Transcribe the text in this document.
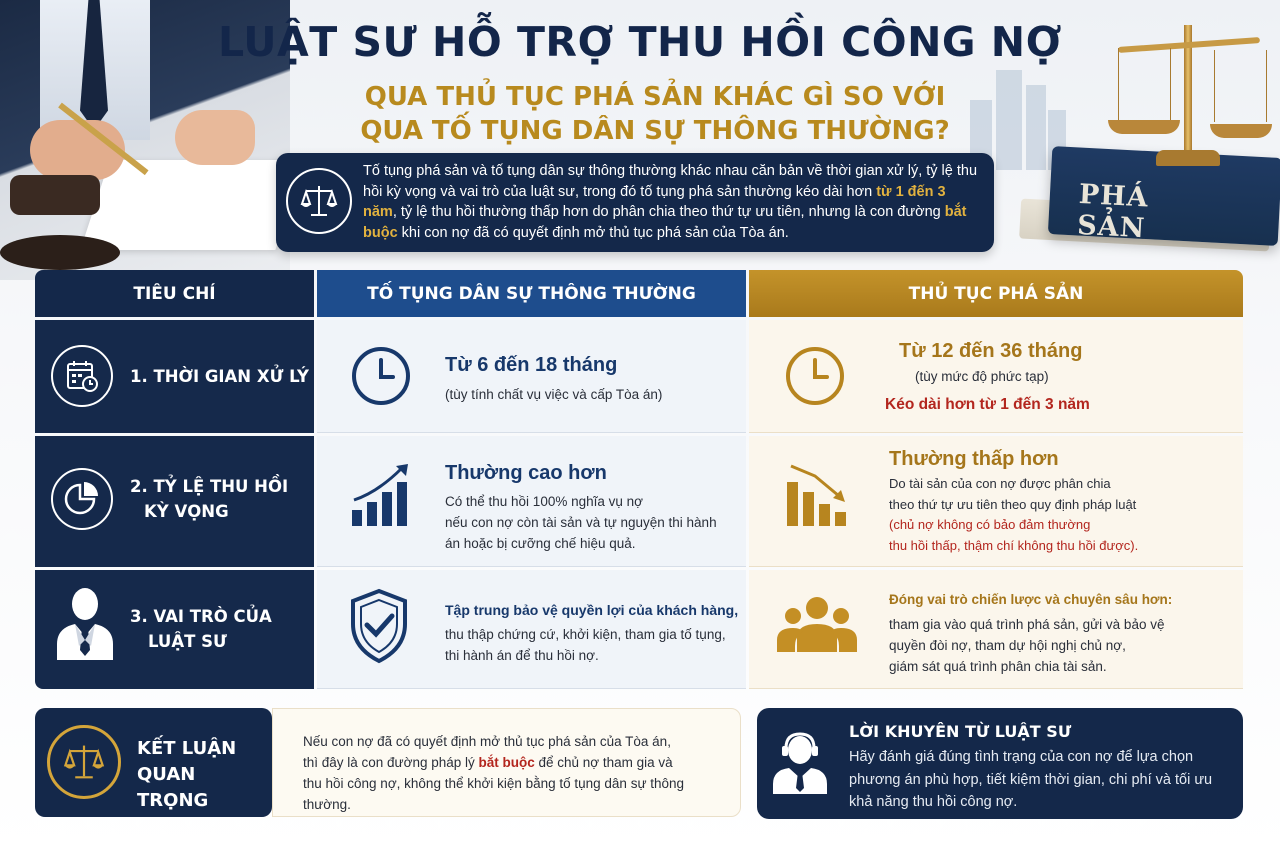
PHÁ SẢN
LUẬT SƯ HỖ TRỢ THU HỒI CÔNG NỢ
QUA THỦ TỤC PHÁ SẢN KHÁC GÌ SO VỚI
QUA TỐ TỤNG DÂN SỰ THÔNG THƯỜNG?

Tố tụng phá sản và tố tụng dân sự thông thường khác nhau căn bản về thời gian xử lý, tỷ lệ thu hồi kỳ vọng và vai trò của luật sư, trong đó tố tụng phá sản thường kéo dài hơn từ 1 đến 3 năm, tỷ lệ thu hồi thường thấp hơn do phân chia theo thứ tự ưu tiên, nhưng là con đường bắt buộc khi con nợ đã có quyết định mở thủ tục phá sản của Tòa án.

TIÊU CHÍ	TỐ TỤNG DÂN SỰ THÔNG THƯỜNG	THỦ TỤC PHÁ SẢN
1. THỜI GIAN XỬ LÝ
Từ 6 đến 18 tháng
(tùy tính chất vụ việc và cấp Tòa án)
Từ 12 đến 36 tháng
(tùy mức độ phức tạp)
Kéo dài hơn từ 1 đến 3 năm
2. TỶ LỆ THU HỒI
KỲ VỌNG
Thường cao hơn
Có thể thu hồi 100% nghĩa vụ nợ
nếu con nợ còn tài sản và tự nguyện thi hành
án hoặc bị cưỡng chế hiệu quả.
Thường thấp hơn
Do tài sản của con nợ được phân chia
theo thứ tự ưu tiên theo quy định pháp luật
(chủ nợ không có bảo đảm thường
thu hồi thấp, thậm chí không thu hồi được).
3. VAI TRÒ CỦA
LUẬT SƯ
Tập trung bảo vệ quyền lợi của khách hàng,
thu thập chứng cứ, khởi kiện, tham gia tố tụng,
thi hành án để thu hồi nợ.
Đóng vai trò chiến lược và chuyên sâu hơn:
tham gia vào quá trình phá sản, gửi và bảo vệ
quyền đòi nợ, tham dự hội nghị chủ nợ,
giám sát quá trình phân chia tài sản.
KẾT LUẬN
QUAN TRỌNG

Nếu con nợ đã có quyết định mở thủ tục phá sản của Tòa án,
thì đây là con đường pháp lý bắt buộc để chủ nợ tham gia và
thu hồi công nợ, không thể khởi kiện bằng tố tụng dân sự thông thường.

LỜI KHUYÊN TỪ LUẬT SƯ

Hãy đánh giá đúng tình trạng của con nợ để lựa chọn phương án phù hợp, tiết kiệm thời gian, chi phí và tối ưu khả năng thu hồi công nợ.
